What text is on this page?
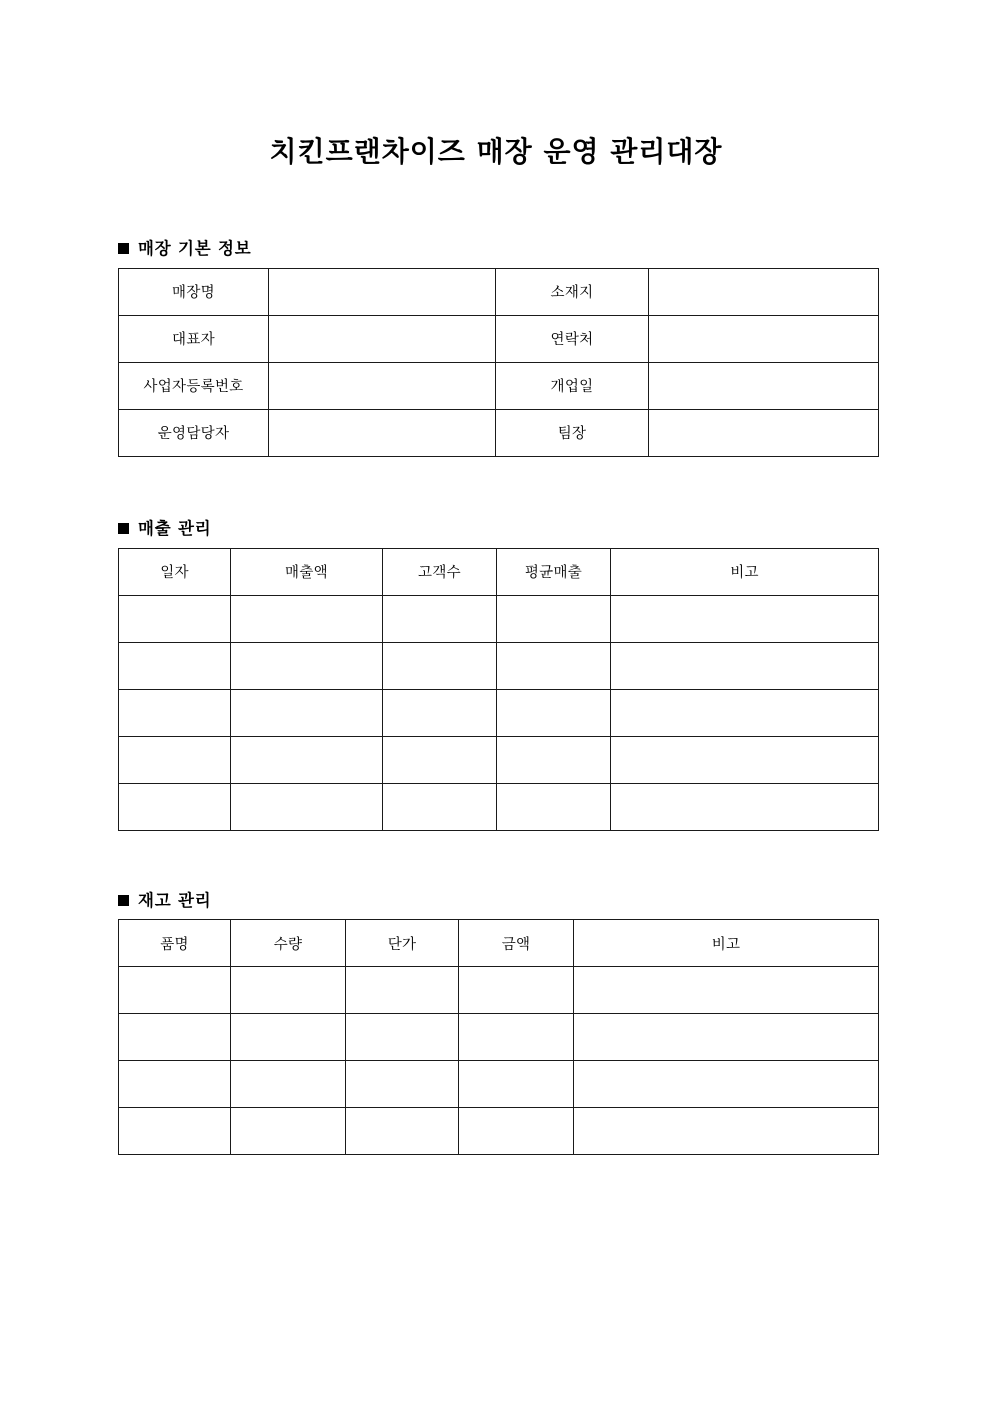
치킨프랜차이즈 매장 운영 관리대장
매장 기본 정보
매장명		소재지	
대표자		연락처	
사업자등록번호		개업일	
운영담당자		팀장	
매출 관리
일자	매출액	고객수	평균매출	비고

재고 관리
품명	수량	단가	금액	비고
